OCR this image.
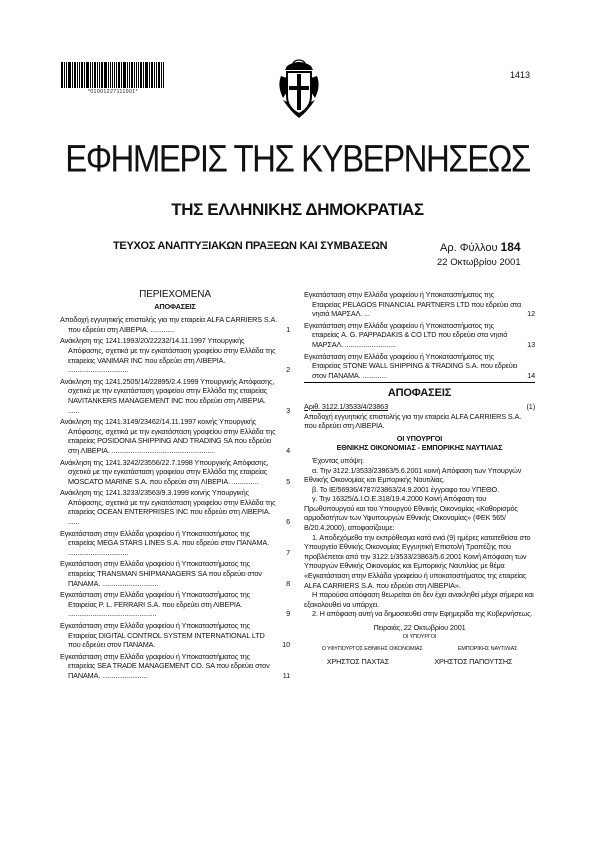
*01001227111001*
1413
ΕΦΗΜΕΡΙΣ ΤΗΣ ΚΥΒΕΡΝΗΣΕΩΣ
ΤΗΣ ΕΛΛΗΝΙΚΗΣ ΔΗΜΟΚΡΑΤΙΑΣ
ΤΕΥΧΟΣ ΑΝΑΠΤΥΞΙΑΚΩΝ ΠΡΑΞΕΩΝ ΚΑΙ ΣΥΜΒΑΣΕΩΝ	Αρ. Φύλλου 184
22 Οκτωβρίου 2001
ΠΕΡΙΕΧΟΜΕΝΑ
ΑΠΟΦΑΣΕΙΣ
Αποδοχή εγγυητικής επιστολής για την εταιρεία ALFA CARRIERS S.A. που εδρεύει στη ΛΙΒΕΡΙΑ. .............	1
Ανάκληση της 1241.1993/20/22232/14.11.1997 Υπουργικής Απόφασης, σχετικά με την εγκατάσταση γραφείου στην Ελλάδα της εταιρείας VANIMAR INC που εδρεύει στη ΛΙΒΕΡΙΑ. ................................	2
Ανάκληση της 1241.2505/14/22895/2.4.1999 Υπουργικής Απόφασης, σχετικά με την εγκατάσταση γραφείου στην Ελλάδα της εταιρείας NAVITANKERS MANAGEMENT INC που εδρεύει στη ΛΙΒΕΡΙΑ. ......	3
Ανάκληση της 1241.3149/23462/14.11.1997 κοινής Υπουργικής Απόφασης, σχετικά με την εγκατάσταση γραφείου στην Ελλάδα της εταιρείας POSIDONIA SHIPPING AND TRADING SA που εδρεύει στη ΛΙΒΕΡΙΑ. .......................................................	4
Ανάκληση της 1241.3242/23556/22.7.1998 Υπουργικής Απόφασης, σχετικά με την εγκατάσταση γραφείου στην Ελλάδα της εταιρείας MOSCATO MARINE S.A. που εδρεύει στη ΛΙΒΕΡΙΑ. ..............	5
Ανάκληση της 1241.3233/23563/9.3.1999 κοινής Υπουργικής Απόφασης, σχετικά με την εγκατάσταση γραφείου στην Ελλάδα της εταιρείας OCEAN ENTERPRISES INC που εδρεύει στη ΛΙΒΕΡΙΑ. ......	6
Εγκατάσταση στην Ελλάδα γραφείου ή Υποκαταστήματος της εταιρείας MEGA STARS LINES S.A. που εδρεύει στον ΠΑΝΑΜΑ. ................................	7
Εγκατάσταση στην Ελλάδα γραφείου ή Υποκαταστήματος της εταιρείας TRANSMAN SHIPMANAGERS SA που εδρεύει στον ΠΑΝΑΜΑ. ..............................	8
Εγκατάσταση στην Ελλάδα γραφείου ή Υποκαταστήματος της Εταιρείας P. L. FERRARI S.A. που εδρεύει στη ΛΙΒΕΡΙΑ. ...............................................	9
Εγκατάσταση στην Ελλάδα γραφείου ή Υποκαταστήματος της Εταιρείας DIGITAL CONTROL SYSTEM INTERNATIONAL LTD που εδρεύει στον ΠΑΝΑΜΑ.	10
Εγκατάσταση στην Ελλάδα γραφείου ή Υποκαταστήματος της εταιρείας SEA TRADE MANAGEMENT CO. SA που εδρεύει στον ΠΑΝΑΜΑ. ........................	11
Εγκατάσταση στην Ελλάδα γραφείου ή Υποκαταστήματος της Εταιρείας PELAGOS FINANCIAL PARTNERS LTD που εδρεύει στα νησιά ΜΑΡΣΑΛ. ...	12
Εγκατάσταση στην Ελλάδα γραφείου ή Υποκαταστήματος της εταιρείας A. G. PAPPADAKIS & CO LTD που εδρεύει στα νησιά ΜΑΡΣΑΛ. ...........................	13
Εγκατάσταση στην Ελλάδα γραφείου ή Υποκαταστήματος της Εταιρείας STONE WALL SHIPPING & TRADING S.A. που εδρεύει στον ΠΑΝΑΜΑ. .............	14
ΑΠΟΦΑΣΕΙΣ
Αριθ. 3122.1/3533/4/23863	(1)
Αποδοχή εγγυητικής επιστολής για την εταιρεία ALFA CARRIERS S.A. που εδρεύει στη ΛΙΒΕΡΙΑ.
ΟΙ ΥΠΟΥΡΓΟΙ
ΕΘΝΙΚΗΣ ΟΙΚΟΝΟΜΙΑΣ - ΕΜΠΟΡΙΚΗΣ ΝΑΥΤΙΛΙΑΣ
Έχοντας υπόψη:
α. Την 3122.1/3533/23863/5.6.2001 κοινή Απόφαση των Υπουργών Εθνικής Οικονομίας και Εμπορικής Ναυτιλίας.
β. Το ΙΕ/56936/4787/23863/24.9.2001 έγγραφο του ΥΠΕΘΟ.
γ. Την 16325/Δ.Ι.Ο.Ε.318/19.4.2000 Κοινή Απόφαση του Πρωθυπουργού και του Υπουργού Εθνικής Οικονομίας «Καθορισμός αρμοδιοτήτων των Υφυπουργών Εθνικής Οικονομίας» (ΦΕΚ 565/Β/20.4.2000), αποφασίζουμε:
1. Αποδεχόμεθα την εκπρόθεσμα κατά ενιά (9) ημέρες κατατεθείσα στο Υπουργείο Εθνικής Οικονομίας Εγγυητική Επιστολή Τραπέζης που προβλέπεται από την 3122.1/3533/23863/5.6.2001 Κοινή Απόφαση των Υπουργών Εθνικής Οικονομίας και Εμπορικής Ναυτιλίας με θέμα «Εγκατάσταση στην Ελλάδα γραφείου ή υποκαταστήματος της εταιρείας ALFA CARRIERS S.A. που εδρεύει στη ΛΙΒΕΡΙΑ».
Η παρούσα απόφαση θεωρείται ότι δεν έχει ανακληθεί μέχρι σήμερα και εξακολουθεί να υπάρχει.
2. Η απόφαση αυτή να δημοσιευθεί στην Εφημερίδα της Κυβερνήσεως.
Πειραιάς, 22 Οκτωβρίου 2001
ΟΙ ΥΠΟΥΡΓΟΙ
Ο ΥΦΥΠΟΥΡΓΟΣ ΕΘΝΙΚΗΣ ΟΙΚΟΝΟΜΙΑΣ	ΕΜΠΟΡΙΚΗΣ ΝΑΥΤΙΛΙΑΣ
ΧΡΗΣΤΟΣ ΠΑΧΤΑΣ	ΧΡΗΣΤΟΣ ΠΑΠΟΥΤΣΗΣ
